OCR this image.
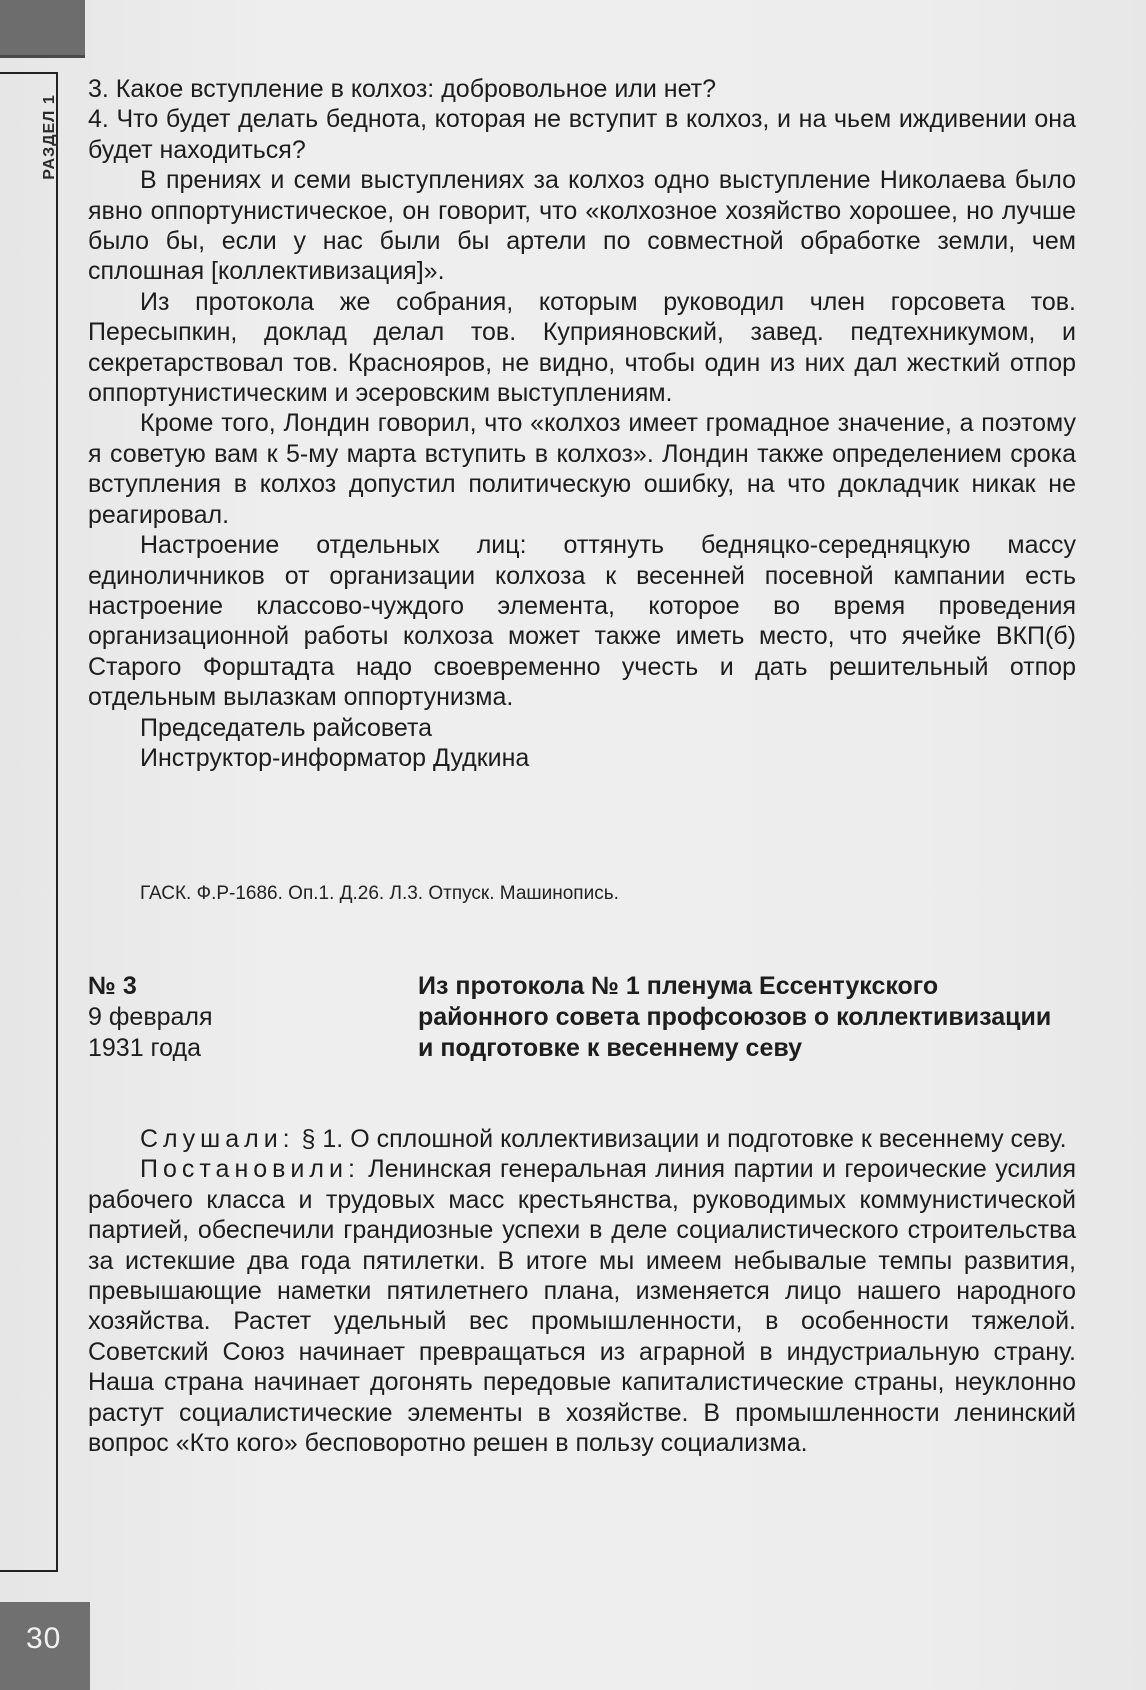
РАЗДЕЛ 1

3. Какое вступление в колхоз: добровольное или нет?

4. Что будет делать беднота, которая не вступит в колхоз, и на чьем иждивении она будет находиться?

В прениях и семи выступлениях за колхоз одно выступление Николаева было явно оппортунистическое, он говорит, что «колхозное хозяйство хорошее, но лучше было бы, если у нас были бы артели по совместной обработке земли, чем сплошная [коллективизация]».

Из протокола же собрания, которым руководил член горсовета тов. Пересыпкин, доклад делал тов. Куприяновский, завед. педтехникумом, и секретарствовал тов. Краснояров, не видно, чтобы один из них дал жесткий отпор оппортунистическим и эсеровским выступлениям.

Кроме того, Лондин говорил, что «колхоз имеет громадное значение, а поэтому я советую вам к 5-му марта вступить в колхоз». Лондин также определением срока вступления в колхоз допустил политическую ошибку, на что докладчик никак не реагировал.

Настроение отдельных лиц: оттянуть бедняцко-середняцкую массу единоличников от организации колхоза к весенней посевной кампании есть настроение классово-чуждого элемента, которое во время проведения организационной работы колхоза может также иметь место, что ячейке ВКП(б) Старого Форштадта надо своевременно учесть и дать решительный отпор отдельным вылазкам оппортунизма.

Председатель райсовета

Инструктор-информатор Дудкина

ГАСК. Ф.Р-1686. Оп.1. Д.26. Л.3. Отпуск. Машинопись.
№ 3
9 февраля
1931 года
Из протокола № 1 пленума Ессентукского районного совета профсоюзов о коллективизации и подготовке к весеннему севу

Слушали: § 1. О сплошной коллективизации и подготовке к весеннему севу.

Постановили: Ленинская генеральная линия партии и героические усилия рабочего класса и трудовых масс крестьянства, руководимых коммунистической партией, обеспечили грандиозные успехи в деле социалистического строительства за истекшие два года пятилетки. В итоге мы имеем небывалые темпы развития, превышающие наметки пятилетнего плана, изменяется лицо нашего народного хозяйства. Растет удельный вес промышленности, в особенности тяжелой. Советский Союз начинает превращаться из аграрной в индустриальную страну. Наша страна начинает догонять передовые капиталистические страны, неуклонно растут социалистические элементы в хозяйстве. В промышленности ленинский вопрос «Кто кого» бесповоротно решен в пользу социализма.

30
